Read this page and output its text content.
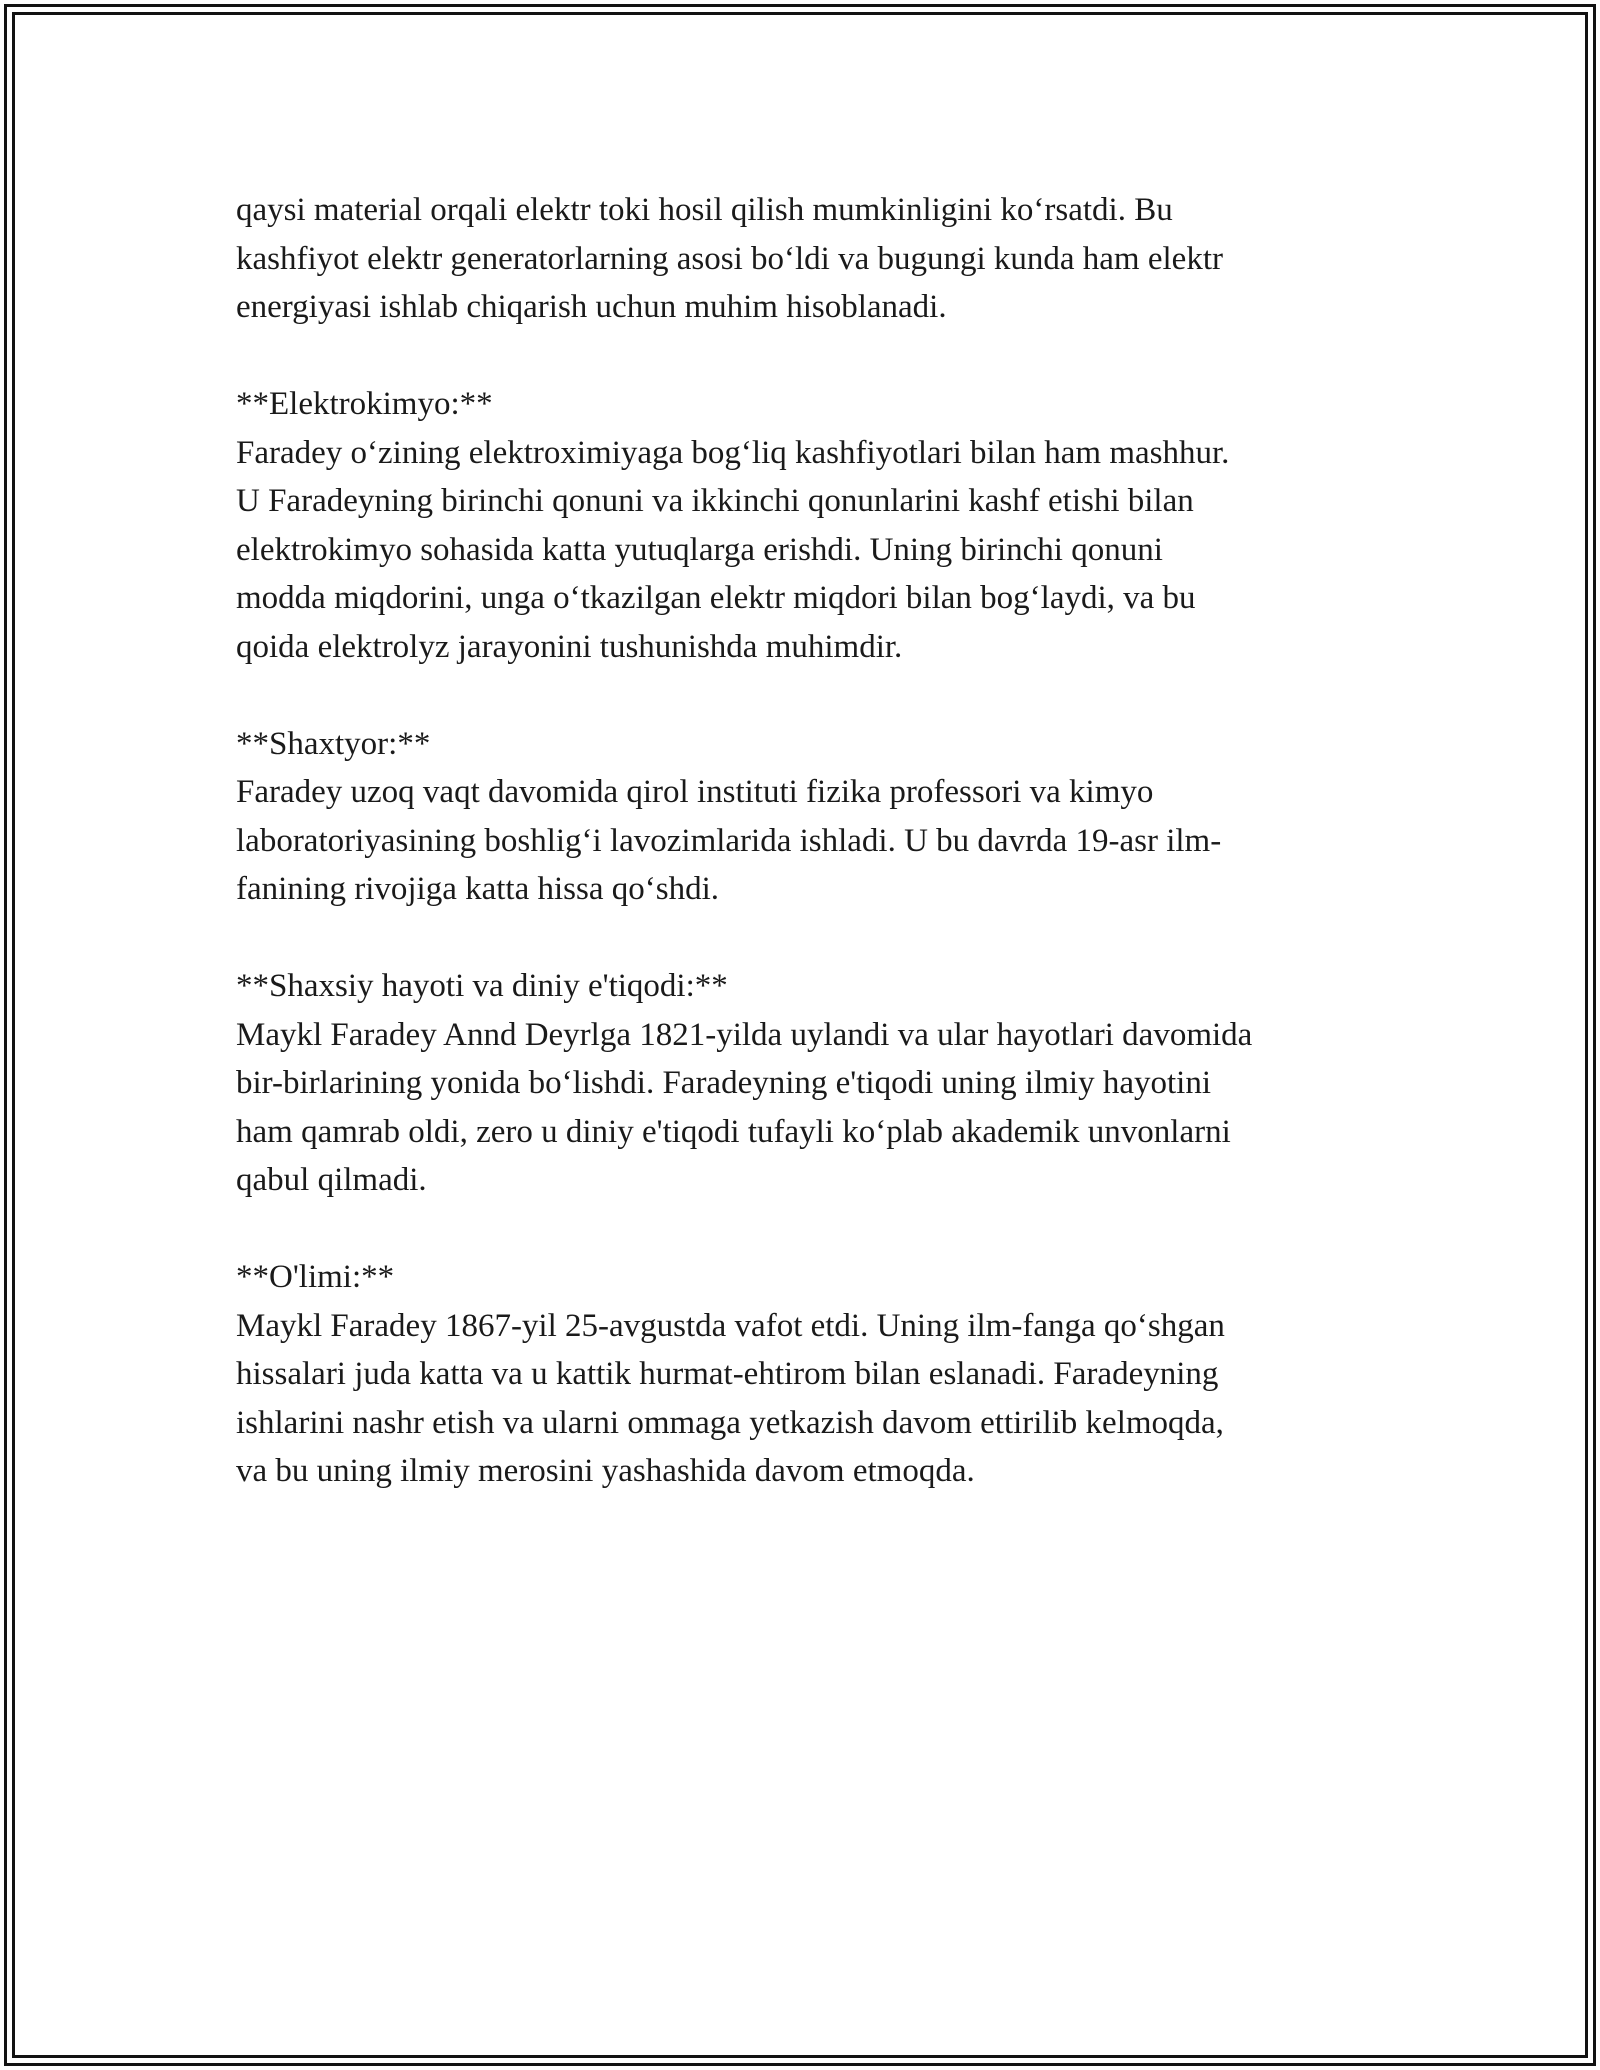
qaysi material orqali elektr toki hosil qilish mumkinligini ko‘rsatdi. Bu
kashfiyot elektr generatorlarning asosi bo‘ldi va bugungi kunda ham elektr
energiyasi ishlab chiqarish uchun muhim hisoblanadi.
**Elektrokimyo:**
Faradey o‘zining elektroximiyaga bog‘liq kashfiyotlari bilan ham mashhur.
U Faradeyning birinchi qonuni va ikkinchi qonunlarini kashf etishi bilan
elektrokimyo sohasida katta yutuqlarga erishdi. Uning birinchi qonuni
modda miqdorini, unga o‘tkazilgan elektr miqdori bilan bog‘laydi, va bu
qoida elektrolyz jarayonini tushunishda muhimdir.
**Shaxtyor:**
Faradey uzoq vaqt davomida qirol instituti fizika professori va kimyo
laboratoriyasining boshlig‘i lavozimlarida ishladi. U bu davrda 19-asr ilm-
fanining rivojiga katta hissa qo‘shdi.
**Shaxsiy hayoti va diniy e'tiqodi:**
Maykl Faradey Annd Deyrlga 1821-yilda uylandi va ular hayotlari davomida
bir-birlarining yonida bo‘lishdi. Faradeyning e'tiqodi uning ilmiy hayotini
ham qamrab oldi, zero u diniy e'tiqodi tufayli ko‘plab akademik unvonlarni
qabul qilmadi.
**O'limi:**
Maykl Faradey 1867-yil 25-avgustda vafot etdi. Uning ilm-fanga qo‘shgan
hissalari juda katta va u kattik hurmat-ehtirom bilan eslanadi. Faradeyning
ishlarini nashr etish va ularni ommaga yetkazish davom ettirilib kelmoqda,
va bu uning ilmiy merosini yashashida davom etmoqda.
